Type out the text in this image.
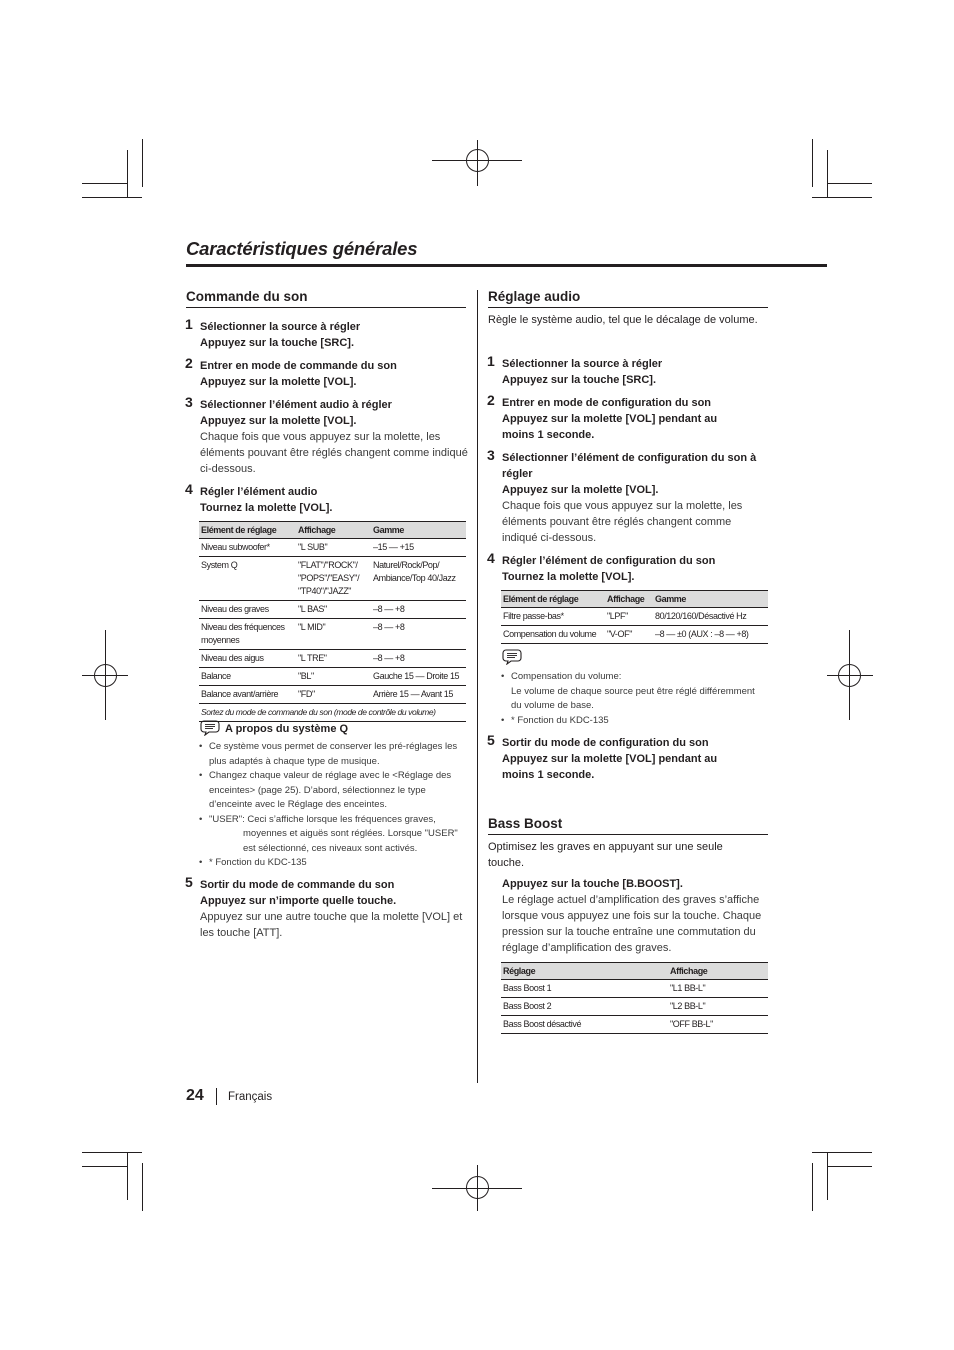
Caractéristiques générales
Commande du son
1 Sélectionner la source à régler
Appuyez sur la touche [SRC].
2 Entrer en mode de commande du son
Appuyez sur la molette [VOL].
3 Sélectionner l’élément audio à régler
Appuyez sur la molette [VOL].
Chaque fois que vous appuyez sur la molette, les éléments pouvant être réglés changent comme indiqué ci-dessous.
4 Régler l’élément audio
Tournez la molette [VOL].
Elément de réglage	Affichage	Gamme
Niveau subwoofer*	"L SUB"	–15 — +15
System Q	"FLAT"/"ROCK"/ "POPS"/"EASY"/ "TP40"/"JAZZ"	Naturel/Rock/Pop/ Ambiance/Top 40/Jazz
Niveau des graves	"L BAS"	–8 — +8
Niveau des fréquences moyennes	"L MID"	–8 — +8
Niveau des aigus	"L TRE"	–8 — +8
Balance	"BL"	Gauche 15 — Droite 15
Balance avant/arrière	"FD"	Arrière 15 — Avant 15
Sortez du mode de commande du son (mode de contrôle du volume)		
A propos du système Q
• Ce système vous permet de conserver les pré-réglages les plus adaptés à chaque type de musique.
• Changez chaque valeur de réglage avec le <Réglage des enceintes> (page 25). D’abord, sélectionnez le type d’enceinte avec le Réglage des enceintes.
• "USER": Ceci s’affiche lorsque les fréquences graves, moyennes et aiguës sont réglées. Lorsque "USER" est sélectionné, ces niveaux sont activés.
• * Fonction du KDC-135
5 Sortir du mode de commande du son
Appuyez sur n’importe quelle touche.
Appuyez sur une autre touche que la molette [VOL] et les touche [ATT].
Réglage audio
Règle le système audio, tel que le décalage de volume.
1 Sélectionner la source à régler
Appuyez sur la touche [SRC].
2 Entrer en mode de configuration du son
Appuyez sur la molette [VOL] pendant au moins 1 seconde.
3 Sélectionner l’élément de configuration du son à régler
Appuyez sur la molette [VOL].
Chaque fois que vous appuyez sur la molette, les éléments pouvant être réglés changent comme indiqué ci-dessous.
4 Régler l’élément de configuration du son
Tournez la molette [VOL].
Elément de réglage	Affichage	Gamme
Filtre passe-bas*	"LPF"	80/120/160/Désactivé Hz
Compensation du volume	"V-OF"	–8 — ±0 (AUX : –8 — +8)
• Compensation du volume:
Le volume de chaque source peut être réglé différemment du volume de base.
• * Fonction du KDC-135
5 Sortir du mode de configuration du son
Appuyez sur la molette [VOL] pendant au moins 1 seconde.
Bass Boost
Optimisez les graves en appuyant sur une seule touche.
Appuyez sur la touche [B.BOOST].
Le réglage actuel d’amplification des graves s’affiche lorsque vous appuyez une fois sur la touche. Chaque pression sur la touche entraîne une commutation du réglage d’amplification des graves.
Réglage	Affichage
Bass Boost 1	"L1 BB-L"
Bass Boost 2	"L2 BB-L"
Bass Boost désactivé	"OFF BB-L"
24 Français
